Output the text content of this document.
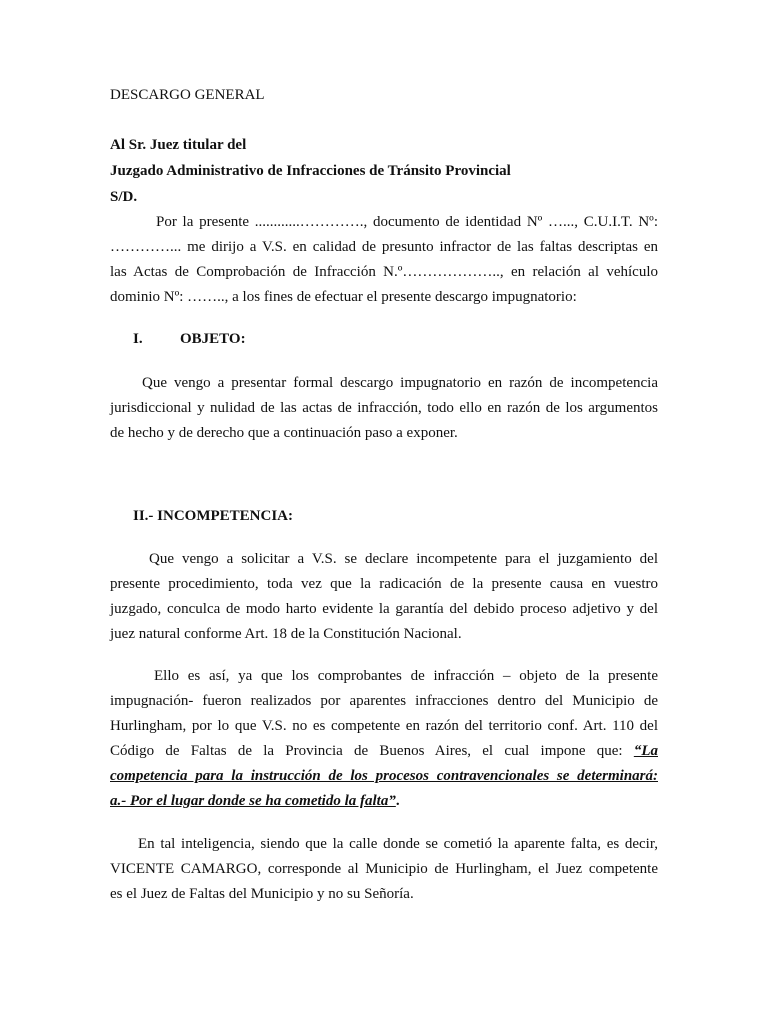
DESCARGO GENERAL
Al Sr. Juez titular del
Juzgado Administrativo de Infracciones de Tránsito Provincial
S/D.
Por la presente ............…………., documento de identidad Nº …..., C.U.I.T. Nº:
…………... me dirijo a V.S. en calidad de presunto infractor de las faltas descriptas en
las Actas de Comprobación de Infracción N.º……………….., en relación al vehículo
dominio Nº: …….., a los fines de efectuar el presente descargo impugnatorio:
I. OBJETO:
Que vengo a presentar formal descargo impugnatorio en razón de incompetencia
jurisdiccional y nulidad de las actas de infracción, todo ello en razón de los argumentos
de hecho y de derecho que a continuación paso a exponer.
II.- INCOMPETENCIA:
Que vengo a solicitar a V.S. se declare incompetente para el juzgamiento del
presente procedimiento, toda vez que la radicación de la presente causa en vuestro
juzgado, conculca de modo harto evidente la garantía del debido proceso adjetivo y del
juez natural conforme Art. 18 de la Constitución Nacional.
Ello es así, ya que los comprobantes de infracción – objeto de la presente
impugnación- fueron realizados por aparentes infracciones dentro del Municipio de
Hurlingham, por lo que V.S. no es competente en razón del territorio conf. Art. 110 del
Código de Faltas de la Provincia de Buenos Aires, el cual impone que: “La
competencia para la instrucción de los procesos contravencionales se determinará:
a.- Por el lugar donde se ha cometido la falta”.
En tal inteligencia, siendo que la calle donde se cometió la aparente falta, es decir,
VICENTE CAMARGO, corresponde al Municipio de Hurlingham, el Juez competente
es el Juez de Faltas del Municipio y no su Señoría.
